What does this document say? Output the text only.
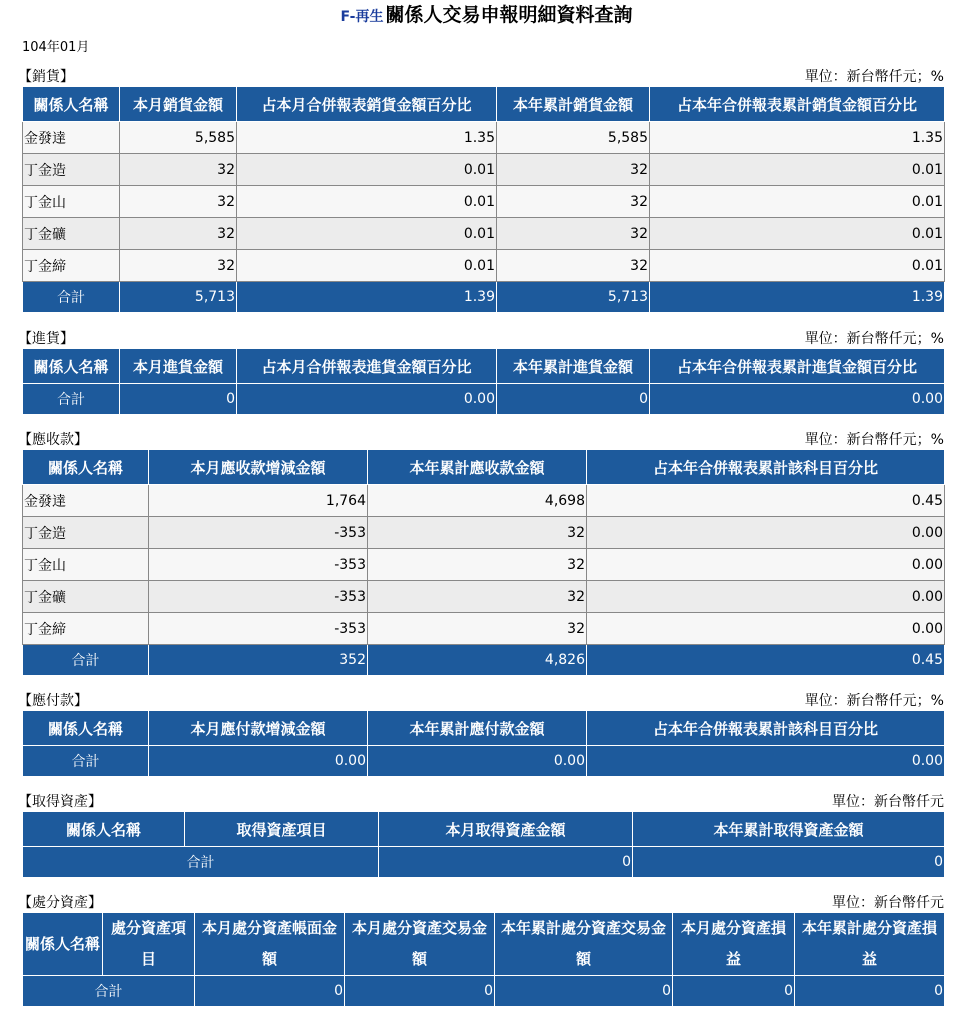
F-再生 關係人交易申報明細資料查詢
104年01月
【銷貨】	單位：新台幣仟元；%
關係人名稱	本月銷貨金額	占本月合併報表銷貨金額百分比	本年累計銷貨金額	占本年合併報表累計銷貨金額百分比
金發達	5,585	1.35	5,585	1.35
丁金造	32	0.01	32	0.01
丁金山	32	0.01	32	0.01
丁金礦	32	0.01	32	0.01
丁金締	32	0.01	32	0.01
合計	5,713	1.39	5,713	1.39
【進貨】	單位：新台幣仟元；%
關係人名稱	本月進貨金額	占本月合併報表進貨金額百分比	本年累計進貨金額	占本年合併報表累計進貨金額百分比
合計	0	0.00	0	0.00
【應收款】	單位：新台幣仟元；%
關係人名稱	本月應收款增減金額	本年累計應收款金額	占本年合併報表累計該科目百分比
金發達	1,764	4,698	0.45
丁金造	-353	32	0.00
丁金山	-353	32	0.00
丁金礦	-353	32	0.00
丁金締	-353	32	0.00
合計	352	4,826	0.45
【應付款】	單位：新台幣仟元；%
關係人名稱	本月應付款增減金額	本年累計應付款金額	占本年合併報表累計該科目百分比
合計	0.00	0.00	0.00
【取得資產】	單位：新台幣仟元
關係人名稱	取得資產項目	本月取得資產金額	本年累計取得資產金額
合計		0	0
【處分資產】	單位：新台幣仟元
關係人名稱	處分資產項目	本月處分資產帳面金額	本月處分資產交易金額	本年累計處分資產交易金額	本月處分資產損益	本年累計處分資產損益
合計		0	0	0	0	0
